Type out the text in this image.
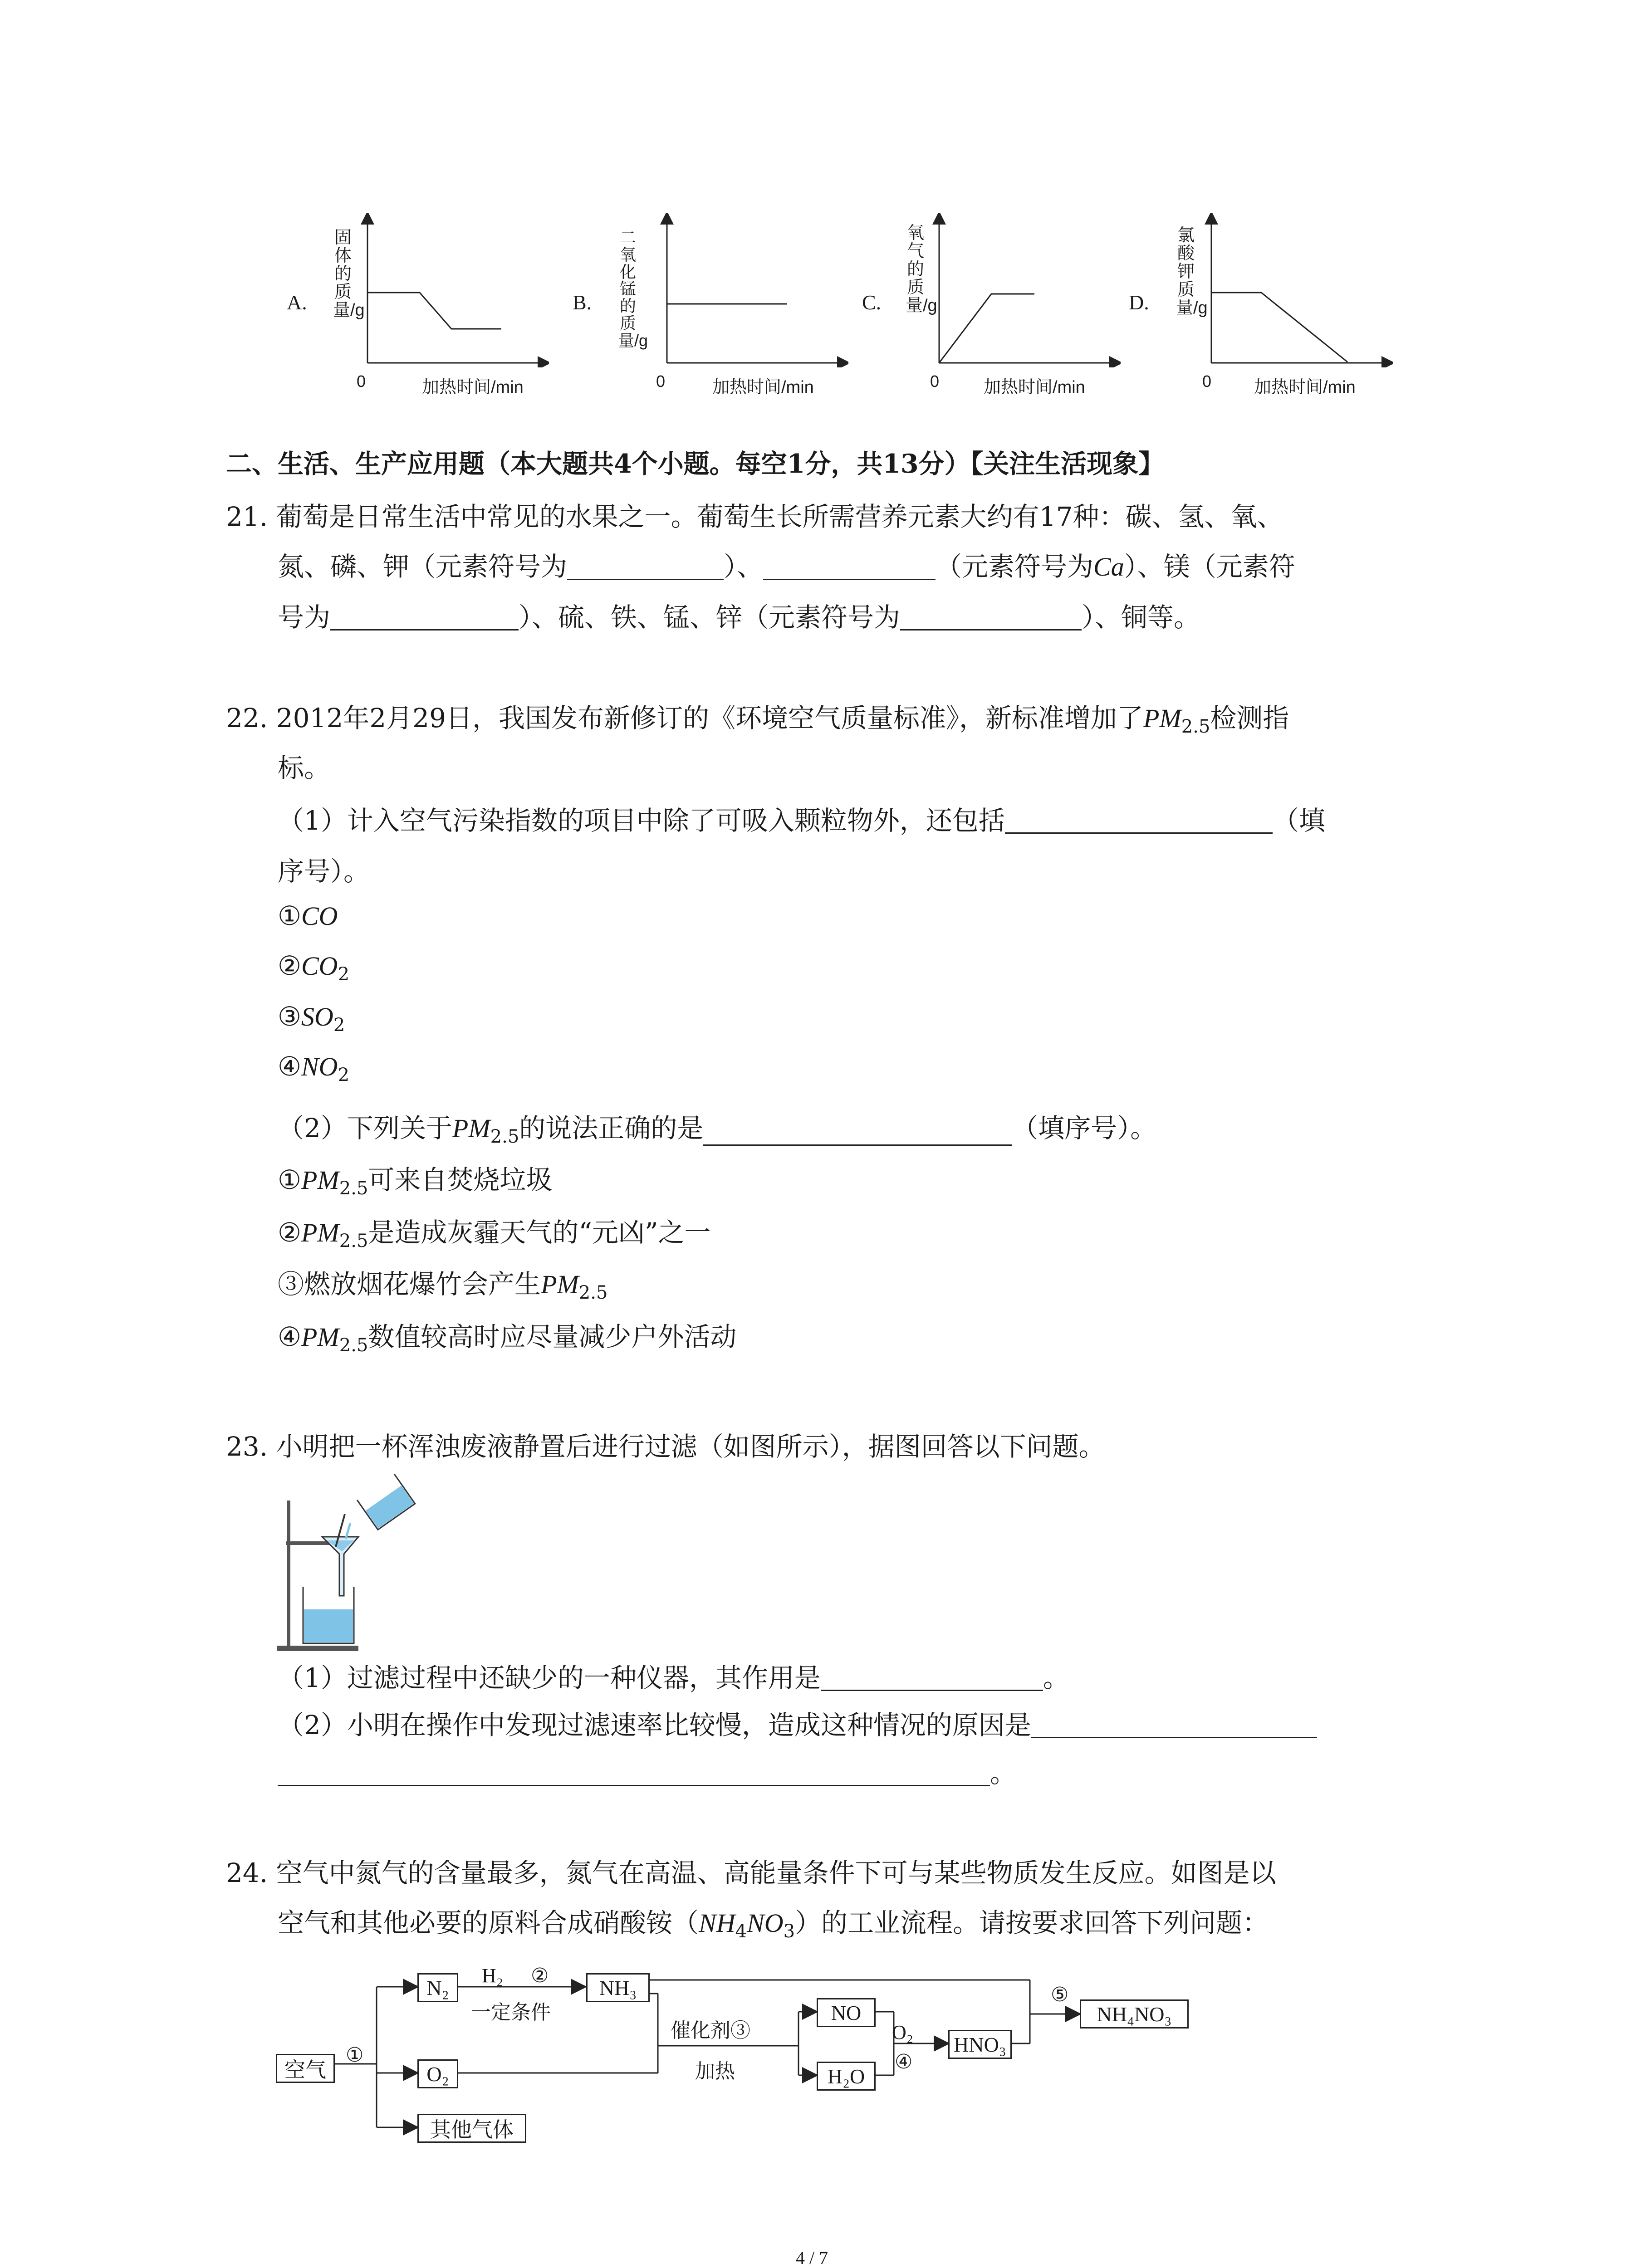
A.
固体的质量/g
0	加热时间/min
B.
二氧化锰的质量/g
0	加热时间/min
C.
氧气的质量/g
0	加热时间/min
D.
氯酸钾质量/g
0 加热时间/min
二、生活、生产应用题（本大题共4个小题。每空1分，共13分）【关注生活现象】
21. 葡萄是日常生活中常见的水果之一。葡萄生长所需营养元素大约有17种：碳、氢、氧、
氮、磷、钾（元素符号为	）、	（元素符号为Ca）、镁（元素符
号为	）、硫、铁、锰、锌（元素符号为	）、铜等。
22. 2012年2月29日，我国发布新修订的《环境空气质量标准》，新标准增加了$PM_{2.5}$检测指
标。
（1）计入空气污染指数的项目中除了可吸入颗粒物外，还包括	（填
序号）。
①CO
$②CO_2$
$③SO_2$
$④NO_2$
（2）下列关于$PM_{2.5}$的说法正确的是	（填序号）。
$①PM_{2.5}$可来自焚烧垃圾
$②PM_{2.5}$是造成灰霾天气的“元凶”之一
③燃放烟花爆竹会产生$PM_{2.5}$
$④PM_{2.5}$数值较高时应尽量减少户外活动
23. 小明把一杯浑浊废液静置后进行过滤（如图所示），据图回答以下问题。
（1）过滤过程中还缺少的一种仪器，其作用是	。
（2）小明在操作中发现过滤速率比较慢，造成这种情况的原因是
。
24. 空气中氮气的含量最多，氮气在高温、高能量条件下可与某些物质发生反应。如图是以
空气和其他必要的原料合成硝酸铵$(NH_4NO_3)$的工业流程。请按要求回答下列问题：
空气
N₂
O₂
其他气体
NH₃
NO
H₂O
HNO₃
NH₄NO₃
①
H₂ ②
一定条件
催化剂③
加热
O₂
④
⑤
4 / 7
